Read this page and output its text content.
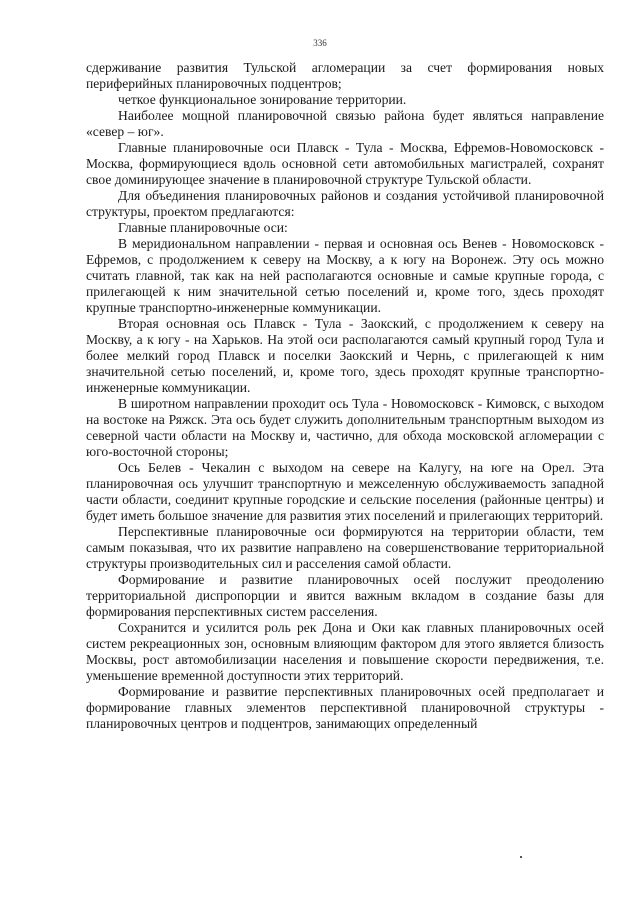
336

сдерживание развития Тульской агломерации за счет формирования новых периферийных планировочных подцентров;

четкое функциональное зонирование территории.

Наиболее мощной планировочной связью района будет являться направление «север – юг».

Главные планировочные оси Плавск - Тула - Москва, Ефремов-Новомосковск - Москва, формирующиеся вдоль основной сети автомобильных магистралей, сохранят свое доминирующее значение в планировочной структуре Тульской области.

Для объединения планировочных районов и создания устойчивой планировочной структуры, проектом предлагаются:

Главные планировочные оси:

В меридиональном направлении - первая и основная ось Венев - Новомосковск - Ефремов, с продолжением к северу на Москву, а к югу на Воронеж. Эту ось можно считать главной, так как на ней располагаются основные и самые крупные города, с прилегающей к ним значительной сетью поселений и, кроме того, здесь проходят крупные транспортно-инженерные коммуникации.

Вторая основная ось Плавск - Тула - Заокский, с продолжением к северу на Москву, а к югу - на Харьков. На этой оси располагаются самый крупный город Тула и более мелкий город Плавск и поселки Заокский и Чернь, с прилегающей к ним значительной сетью поселений, и, кроме того, здесь проходят крупные транспортно-инженерные коммуникации.

В широтном направлении проходит ось Тула - Новомосковск - Кимовск, с выходом на востоке на Ряжск. Эта ось будет служить дополнительным транспортным выходом из северной части области на Москву и, частично, для обхода московской агломерации с юго-восточной стороны;

Ось Белев - Чекалин с выходом на севере на Калугу, на юге на Орел. Эта планировочная ось улучшит транспортную и межселенную обслуживаемость западной части области, соединит крупные городские и сельские поселения (районные центры) и будет иметь большое значение для развития этих поселений и прилегающих территорий.

Перспективные планировочные оси формируются на территории области, тем самым показывая, что их развитие направлено на совершенствование территориальной структуры производительных сил и расселения самой области.

Формирование и развитие планировочных осей послужит преодолению территориальной диспропорции и явится важным вкладом в создание базы для формирования перспективных систем расселения.

Сохранится и усилится роль рек Дона и Оки как главных планировочных осей систем рекреационных зон, основным влияющим фактором для этого является близость Москвы, рост автомобилизации населения и повышение скорости передвижения, т.е. уменьшение временной доступности этих территорий.

Формирование и развитие перспективных планировочных осей предполагает и формирование главных элементов перспективной планировочной структуры - планировочных центров и подцентров, занимающих определенный
